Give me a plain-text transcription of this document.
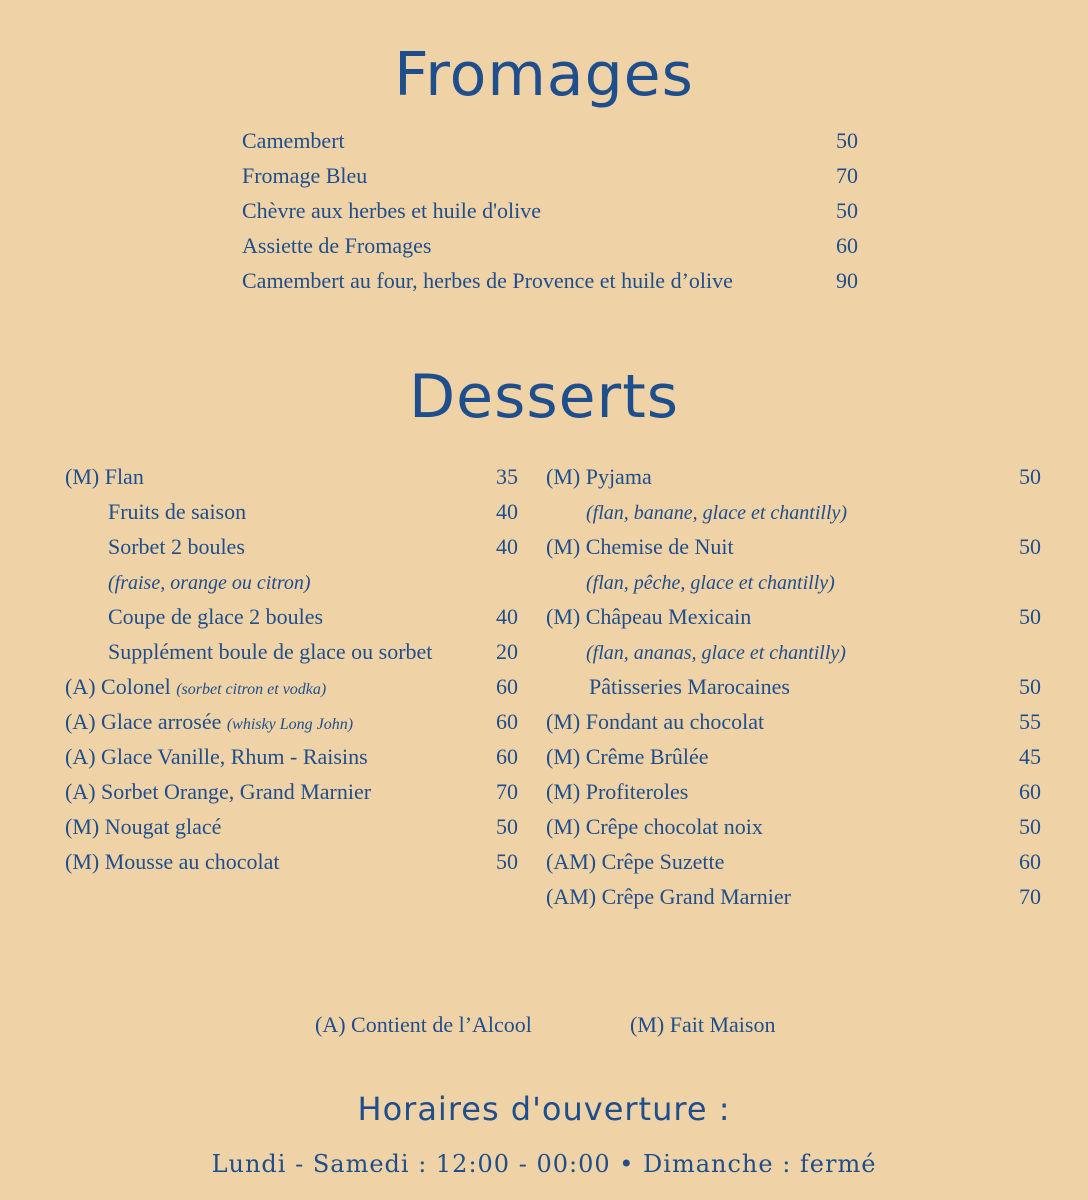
Fromages
Camembert	50
Fromage Bleu	70
Chèvre aux herbes et huile d'olive	50
Assiette de Fromages	60
Camembert au four, herbes de Provence et huile d’olive	90
Desserts
(M) Flan	35
Fruits de saison	40
Sorbet 2 boules	40
(fraise, orange ou citron)
Coupe de glace 2 boules	40
Supplément boule de glace ou sorbet	20
(A) Colonel (sorbet citron et vodka)	60
(A) Glace arrosée (whisky Long John)	60
(A) Glace Vanille, Rhum - Raisins	60
(A) Sorbet Orange, Grand Marnier	70
(M) Nougat glacé	50
(M) Mousse au chocolat	50
(M) Pyjama	50
(flan, banane, glace et chantilly)
(M) Chemise de Nuit	50
(flan, pêche, glace et chantilly)
(M) Châpeau Mexicain	50
(flan, ananas, glace et chantilly)
Pâtisseries Marocaines	50
(M) Fondant au chocolat	55
(M) Crême Brûlée	45
(M) Profiteroles	60
(M) Crêpe chocolat noix	50
(AM) Crêpe Suzette	60
(AM) Crêpe Grand Marnier	70
(A) Contient de l’Alcool	(M) Fait Maison
Horaires d'ouverture :
Lundi - Samedi : 12:00 - 00:00 • Dimanche : fermé
